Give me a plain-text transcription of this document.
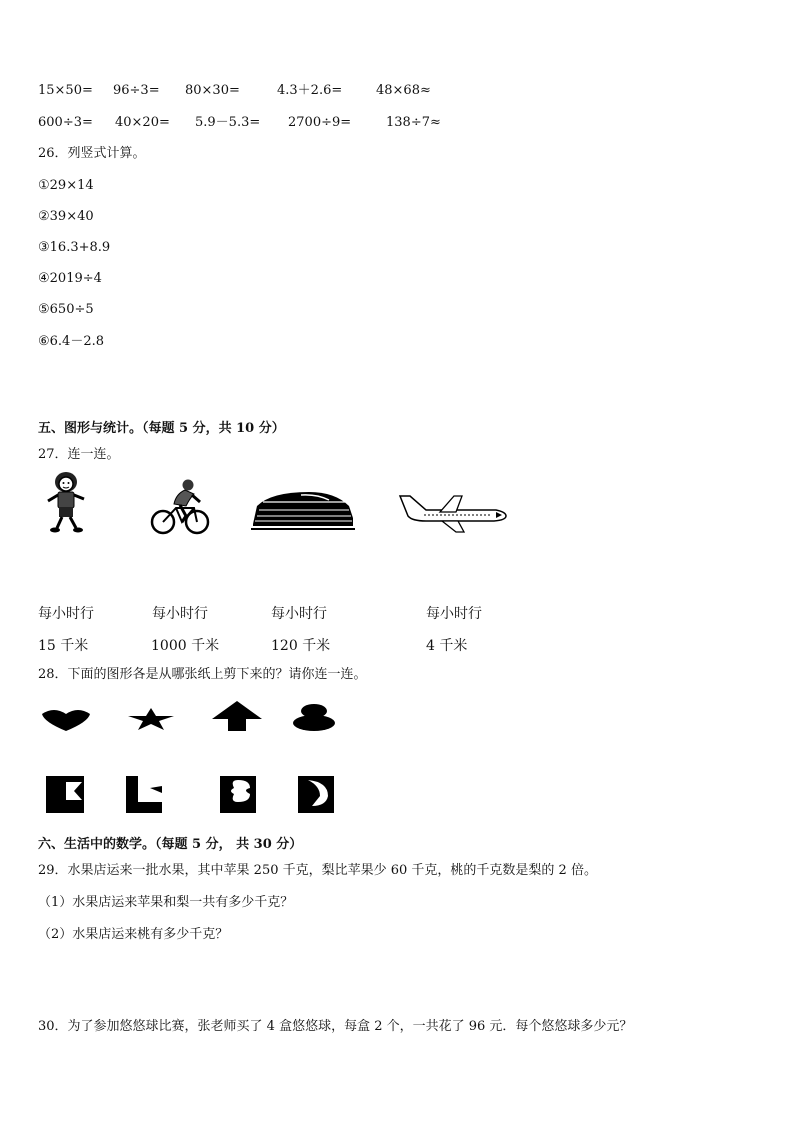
15×50= 96÷3= 80×30=	4.3＋2.6=	48×68≈
600÷3= 40×20= 5.9－5.3= 2700÷9=	138÷7≈
26．列竖式计算。
①29×14
②39×40
③16.3+8.9
④2019÷4
⑤650÷5
⑥6.4－2.8
五、图形与统计。（每题 5 分，共 10 分）
27．连一连。
每小时行	每小时行	每小时行	每小时行
15 千米	1000 千米	120 千米	4 千米
28．下面的图形各是从哪张纸上剪下来的？请你连一连。
六、生活中的数学。（每题 5 分， 共 30 分）
29．水果店运来一批水果，其中苹果 250 千克，梨比苹果少 60 千克，桃的千克数是梨的 2 倍。
（1）水果店运来苹果和梨一共有多少千克？
（2）水果店运来桃有多少千克？
30．为了参加悠悠球比赛，张老师买了 4 盒悠悠球，每盒 2 个，一共花了 96 元．每个悠悠球多少元？
